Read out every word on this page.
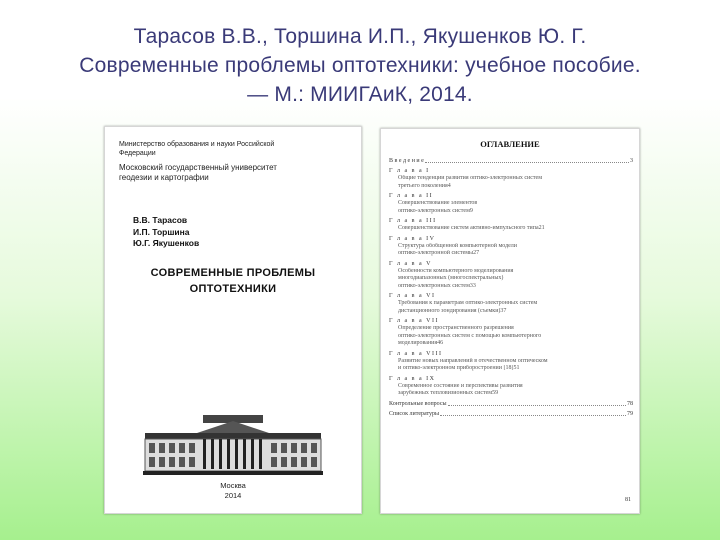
Тарасов В.В., Торшина И.П., Якушенков Ю. Г.
Современные проблемы оптотехники: учебное пособие.
— М.: МИИГАиК, 2014.
Министерство образования и науки Российской Федерации
Московский государственный университет геодезии и картографии
В.В. Тарасов
И.П. Торшина
Ю.Г. Якушенков
СОВРЕМЕННЫЕ ПРОБЛЕМЫ
ОПТОТЕХНИКИ
Москва
2014
ОГЛАВЛЕНИЕ
В в е д е н и е	3
Г л а в а I
Общие тенденции развития оптико-электронных систем
третьего поколения 4
Г л а в а II
Совершенствование элементов
оптико-электронных систем 9
Г л а в а III
Совершенствование систем активно-импульсного типа 21
Г л а в а IV
Структура обобщенной компьютерной модели
оптико-электронной системы 27
Г л а в а V
Особенности компьютерного моделирования
многодиапазонных (многоспектральных)
оптико-электронных систем 33
Г л а в а VI
Требования к параметрам оптико-электронных систем
дистанционного зондирования (съемки) 37
Г л а в а VII
Определение пространственного разрешения
оптико-электронных систем с помощью компьютерного
моделирования 46
Г л а в а VIII
Развитие новых направлений в отечественном оптическом
и оптико-электронном приборостроении [18] 51
Г л а в а IX
Современное состояние и перспективы развития
зарубежных тепловизионных систем 59
Контрольные вопросы	78
Список литературы	79
81
